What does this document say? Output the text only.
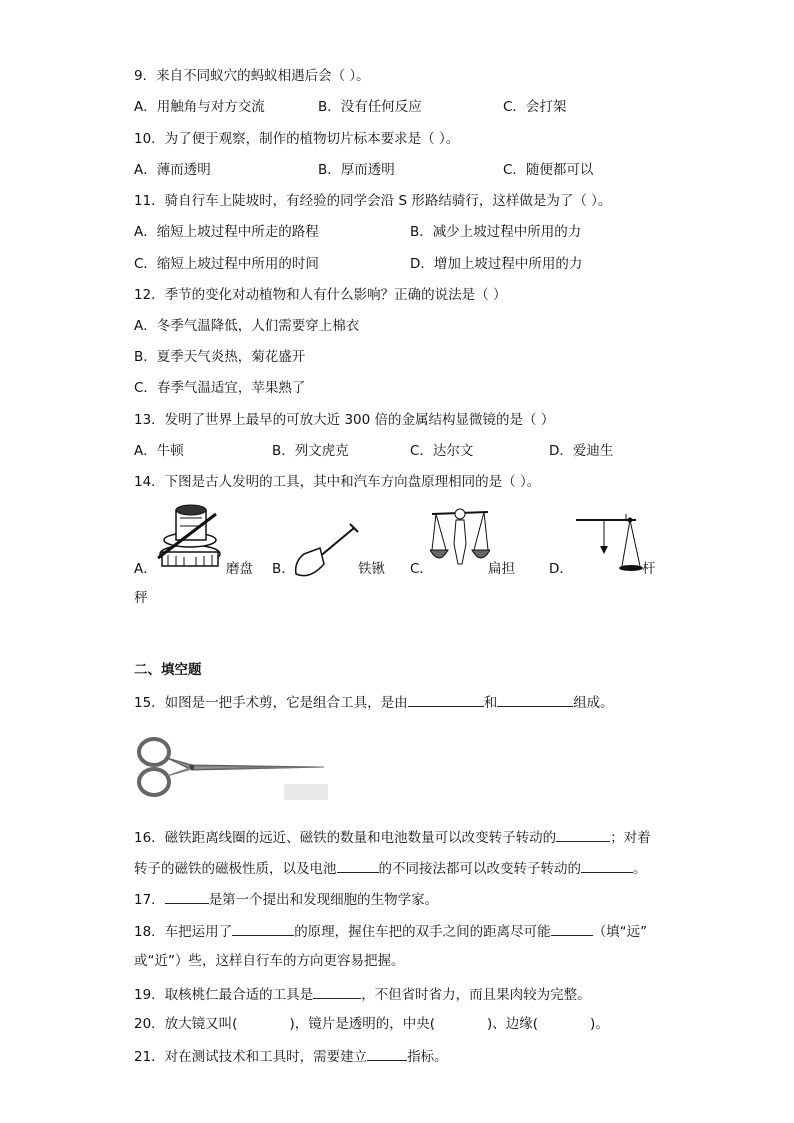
9．来自不同蚁穴的蚂蚁相遇后会（ ）。
A．用触角与对方交流	B．没有任何反应	C．会打架
10．为了便于观察，制作的植物切片标本要求是（ ）。
A．薄而透明	B．厚而透明	C．随便都可以
11．骑自行车上陡坡时，有经验的同学会沿 S 形路结骑行，这样做是为了（ ）。
A．缩短上坡过程中所走的路程	B．减少上坡过程中所用的力
C．缩短上坡过程中所用的时间	D．增加上坡过程中所用的力
12．季节的变化对动植物和人有什么影响？正确的说法是（ ）
A．冬季气温降低，人们需要穿上棉衣
B．夏季天气炎热，菊花盛开
C．春季气温适宜，苹果熟了
13．发明了世界上最早的可放大近 300 倍的金属结构显微镜的是（ ）
A．牛顿	B．列文虎克	C．达尔文	D．爱迪生
14．下图是古人发明的工具，其中和汽车方向盘原理相同的是（ ）。
A．	磨盘 B．	铁锹 C．	扁担	D．	杆
秤
二、填空题
15．如图是一把手术剪，它是组合工具，是由	和	组成。
16．磁铁距离线圈的远近、磁铁的数量和电池数量可以改变转子转动的	；对着
转子的磁铁的磁极性质，以及电池	的不同接法都可以改变转子转动的	。
17．	是第一个提出和发现细胞的生物学家。
18．车把运用了	的原理，握住车把的双手之间的距离尽可能	（填“远”
或“近”）些，这样自行车的方向更容易把握。
19．取核桃仁最合适的工具是	，不但省时省力，而且果肉较为完整。
20．放大镜又叫(	)，镜片是透明的，中央(	)、边缘(	)。
21．对在测试技术和工具时，需要建立	指标。
